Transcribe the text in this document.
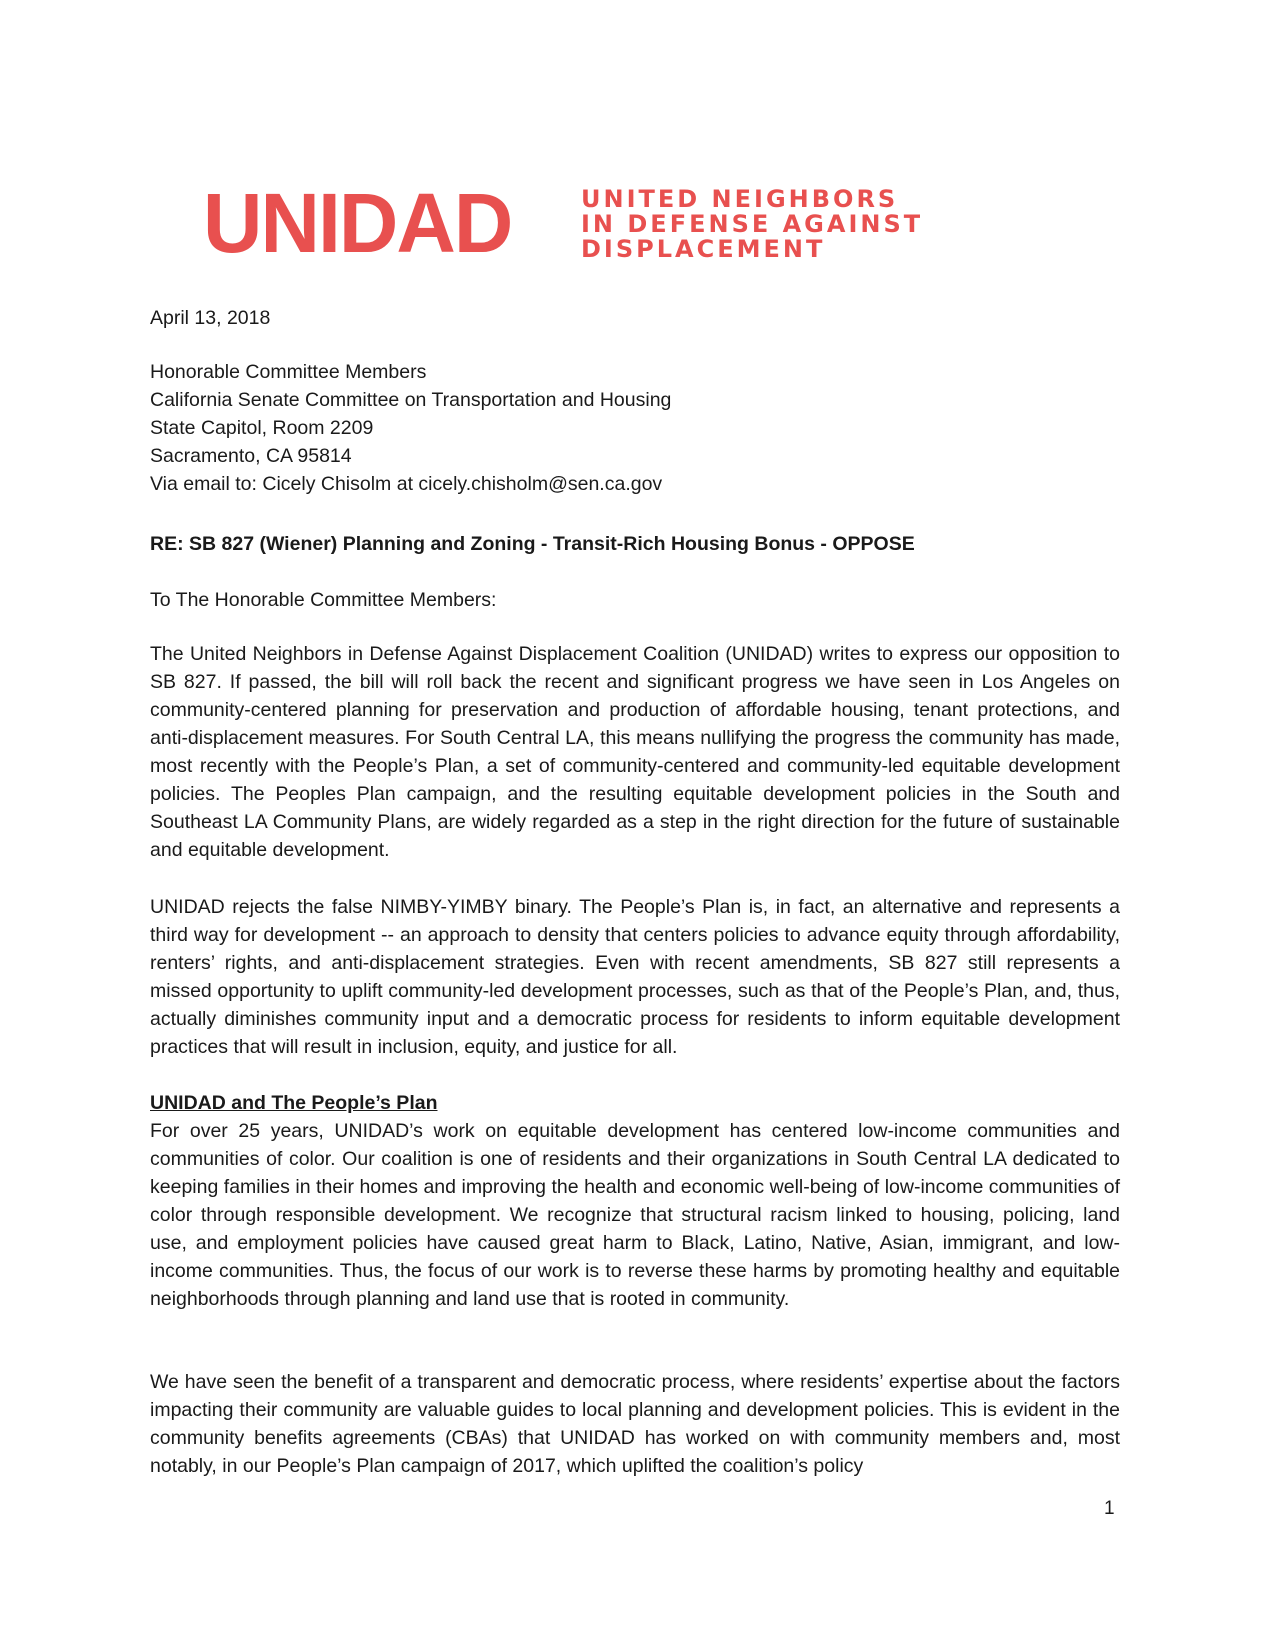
UNIDAD	UNITED NEIGHBORS
IN DEFENSE AGAINST
DISPLACEMENT
April 13, 2018
Honorable Committee Members
California Senate Committee on Transportation and Housing
State Capitol, Room 2209
Sacramento, CA 95814
Via email to: Cicely Chisolm at cicely.chisholm@sen.ca.gov
RE: SB 827 (Wiener) Planning and Zoning - Transit-Rich Housing Bonus - OPPOSE
To The Honorable Committee Members:
The United Neighbors in Defense Against Displacement Coalition (UNIDAD) writes to express our opposition to SB 827. If passed, the bill will roll back the recent and significant progress we have seen in Los Angeles on community-centered planning for preservation and production of affordable housing, tenant protections, and anti-displacement measures. For South Central LA, this means nullifying the progress the community has made, most recently with the People’s Plan, a set of community-centered and community-led equitable development policies. The Peoples Plan campaign, and the resulting equitable development policies in the South and Southeast LA Community Plans, are widely regarded as a step in the right direction for the future of sustainable and equitable development.
UNIDAD rejects the false NIMBY-YIMBY binary. The People’s Plan is, in fact, an alternative and represents a third way for development -- an approach to density that centers policies to advance equity through affordability, renters’ rights, and anti-displacement strategies. Even with recent amendments, SB 827 still represents a missed opportunity to uplift community-led development processes, such as that of the People’s Plan, and, thus, actually diminishes community input and a democratic process for residents to inform equitable development practices that will result in inclusion, equity, and justice for all.
UNIDAD and The People’s Plan
For over 25 years, UNIDAD’s work on equitable development has centered low-income communities and communities of color. Our coalition is one of residents and their organizations in South Central LA dedicated to keeping families in their homes and improving the health and economic well-being of low-income communities of color through responsible development. We recognize that structural racism linked to housing, policing, land use, and employment policies have caused great harm to Black, Latino, Native, Asian, immigrant, and low-income communities. Thus, the focus of our work is to reverse these harms by promoting healthy and equitable neighborhoods through planning and land use that is rooted in community.
We have seen the benefit of a transparent and democratic process, where residents’ expertise about the factors impacting their community are valuable guides to local planning and development policies. This is evident in the community benefits agreements (CBAs) that UNIDAD has worked on with community members and, most notably, in our People’s Plan campaign of 2017, which uplifted the coalition’s policy
1
